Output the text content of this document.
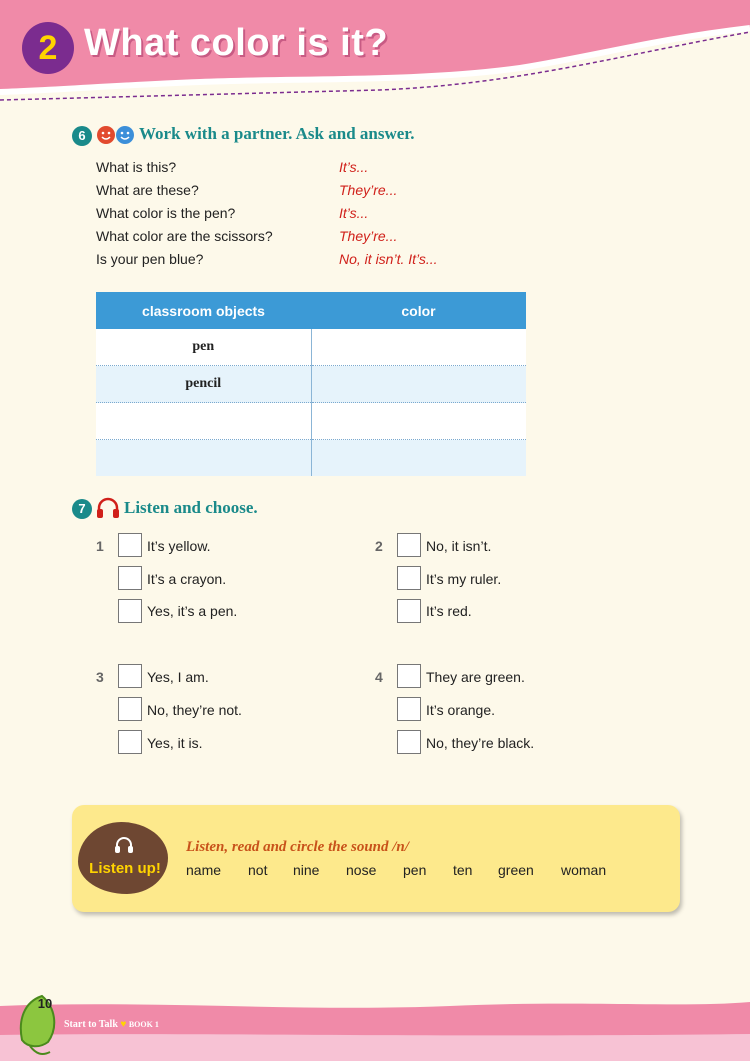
2 What color is it?
6	Work with a partner. Ask and answer.
What is this?	It’s...
What are these?	They’re...
What color is the pen?	It’s...
What color are the scissors?	They’re...
Is your pen blue?	No, it isn’t. It’s...
classroom objects	color
pen	
pencil	

7	Listen and choose.
1	It’s yellow.
It’s a crayon.
Yes, it’s a pen.
2	No, it isn’t.
It’s my ruler.
It’s red.
3	Yes, I am.
No, they’re not.
Yes, it is.
4	They are green.
It’s orange.
No, they’re black.
Listen up!
Listen, read and circle the sound /n/
name not nine nose pen ten green woman
10
Start to Talk ♥ BOOK 1
